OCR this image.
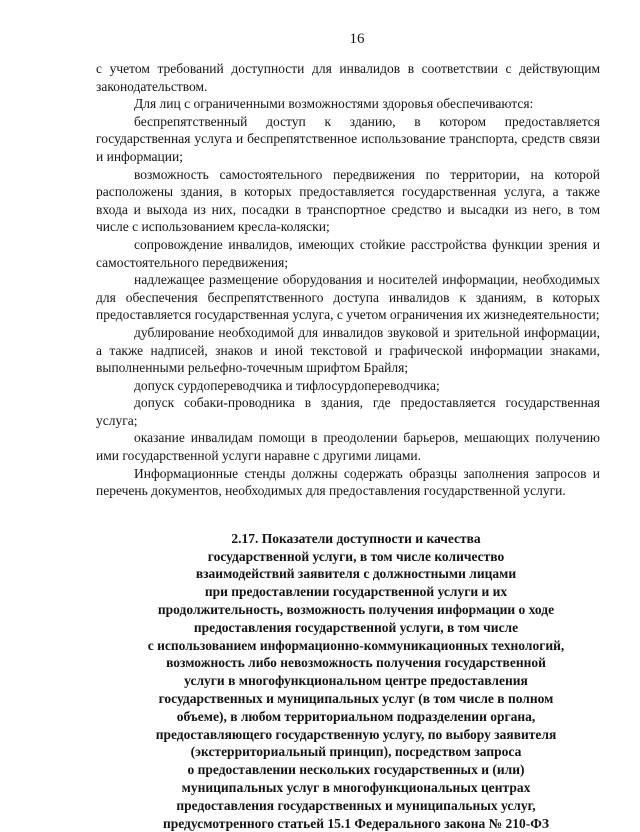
16

с учетом требований доступности для инвалидов в соответствии с действующим законодательством.

Для лиц с ограниченными возможностями здоровья обеспечиваются:

беспрепятственный доступ к зданию, в котором предоставляется государственная услуга и беспрепятственное использование транспорта, средств связи и информации;

возможность самостоятельного передвижения по территории, на которой расположены здания, в которых предоставляется государственная услуга, а также входа и выхода из них, посадки в транспортное средство и высадки из него, в том числе с использованием кресла-коляски;

сопровождение инвалидов, имеющих стойкие расстройства функции зрения и самостоятельного передвижения;

надлежащее размещение оборудования и носителей информации, необходимых для обеспечения беспрепятственного доступа инвалидов к зданиям, в которых предоставляется государственная услуга, с учетом ограничения их жизнедеятельности;

дублирование необходимой для инвалидов звуковой и зрительной информации, а также надписей, знаков и иной текстовой и графической информации знаками, выполненными рельефно-точечным шрифтом Брайля;

допуск сурдопереводчика и тифлосурдопереводчика;

допуск собаки-проводника в здания, где предоставляется государственная услуга;

оказание инвалидам помощи в преодолении барьеров, мешающих получению ими государственной услуги наравне с другими лицами.

Информационные стенды должны содержать образцы заполнения запросов и перечень документов, необходимых для предоставления государственной услуги.

2.17. Показатели доступности и качества
государственной услуги, в том числе количество
взаимодействий заявителя с должностными лицами
при предоставлении государственной услуги и их
продолжительность, возможность получения информации о ходе
предоставления государственной услуги, в том числе
с использованием информационно-коммуникационных технологий,
возможность либо невозможность получения государственной
услуги в многофункциональном центре предоставления
государственных и муниципальных услуг (в том числе в полном
объеме), в любом территориальном подразделении органа,
предоставляющего государственную услугу, по выбору заявителя
(экстерриториальный принцип), посредством запроса
о предоставлении нескольких государственных и (или)
муниципальных услуг в многофункциональных центрах
предоставления государственных и муниципальных услуг,
предусмотренного статьей 15.1 Федерального закона № 210-ФЗ
